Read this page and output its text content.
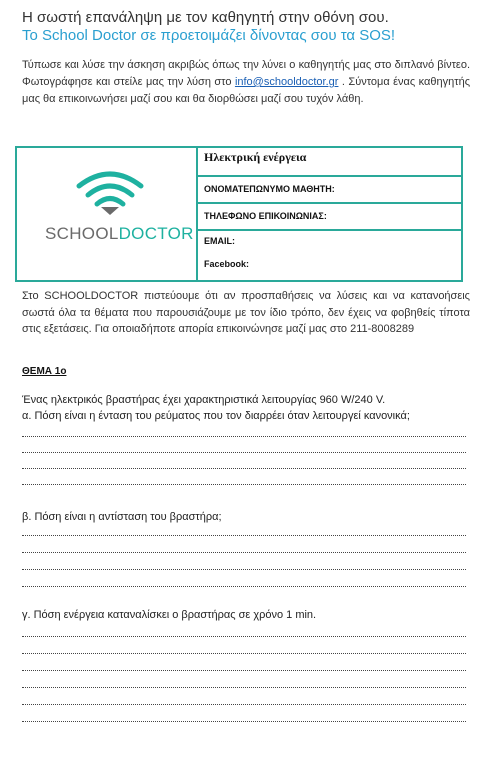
Η σωστή επανάληψη με τον καθηγητή στην οθόνη σου.
To School Doctor σε προετοιμάζει δίνοντας σου τα SOS!
Τύπωσε και λύσε την άσκηση ακριβώς όπως την λύνει ο καθηγητής μας στο διπλανό βίντεο. Φωτογράφησε και στείλε μας την λύση στο info@schooldoctor.gr . Σύντομα ένας καθηγητής μας θα επικοινωνήσει μαζί σου και θα διορθώσει μαζί σου τυχόν λάθη.
SCHOOLDOCTOR
Ηλεκτρική ενέργεια
ΟΝΟΜΑΤΕΠΩΝΥΜΟ ΜΑΘΗΤΗ:
ΤΗΛΕΦΩΝΟ ΕΠΙΚΟΙΝΩΝΙΑΣ:
EMAIL:
Facebook:
Στο SCHOOLDOCTOR πιστεύουμε ότι αν προσπαθήσεις να λύσεις και να κατανοήσεις σωστά όλα τα θέματα που παρουσιάζουμε με τον ίδιο τρόπο, δεν έχεις να φοβηθείς τίποτα στις εξετάσεις. Για οποιαδήποτε απορία επικοινώνησε μαζί μας στο 211-8008289
ΘΕΜΑ 1ο
Ένας ηλεκτρικός βραστήρας έχει χαρακτηριστικά λειτουργίας 960 W/240 V.
α. Πόση είναι η ένταση του ρεύματος που τον διαρρέει όταν λειτουργεί κανονικά;
β. Πόση είναι η αντίσταση του βραστήρα;
γ. Πόση ενέργεια καταναλίσκει ο βραστήρας σε χρόνο 1 min.
